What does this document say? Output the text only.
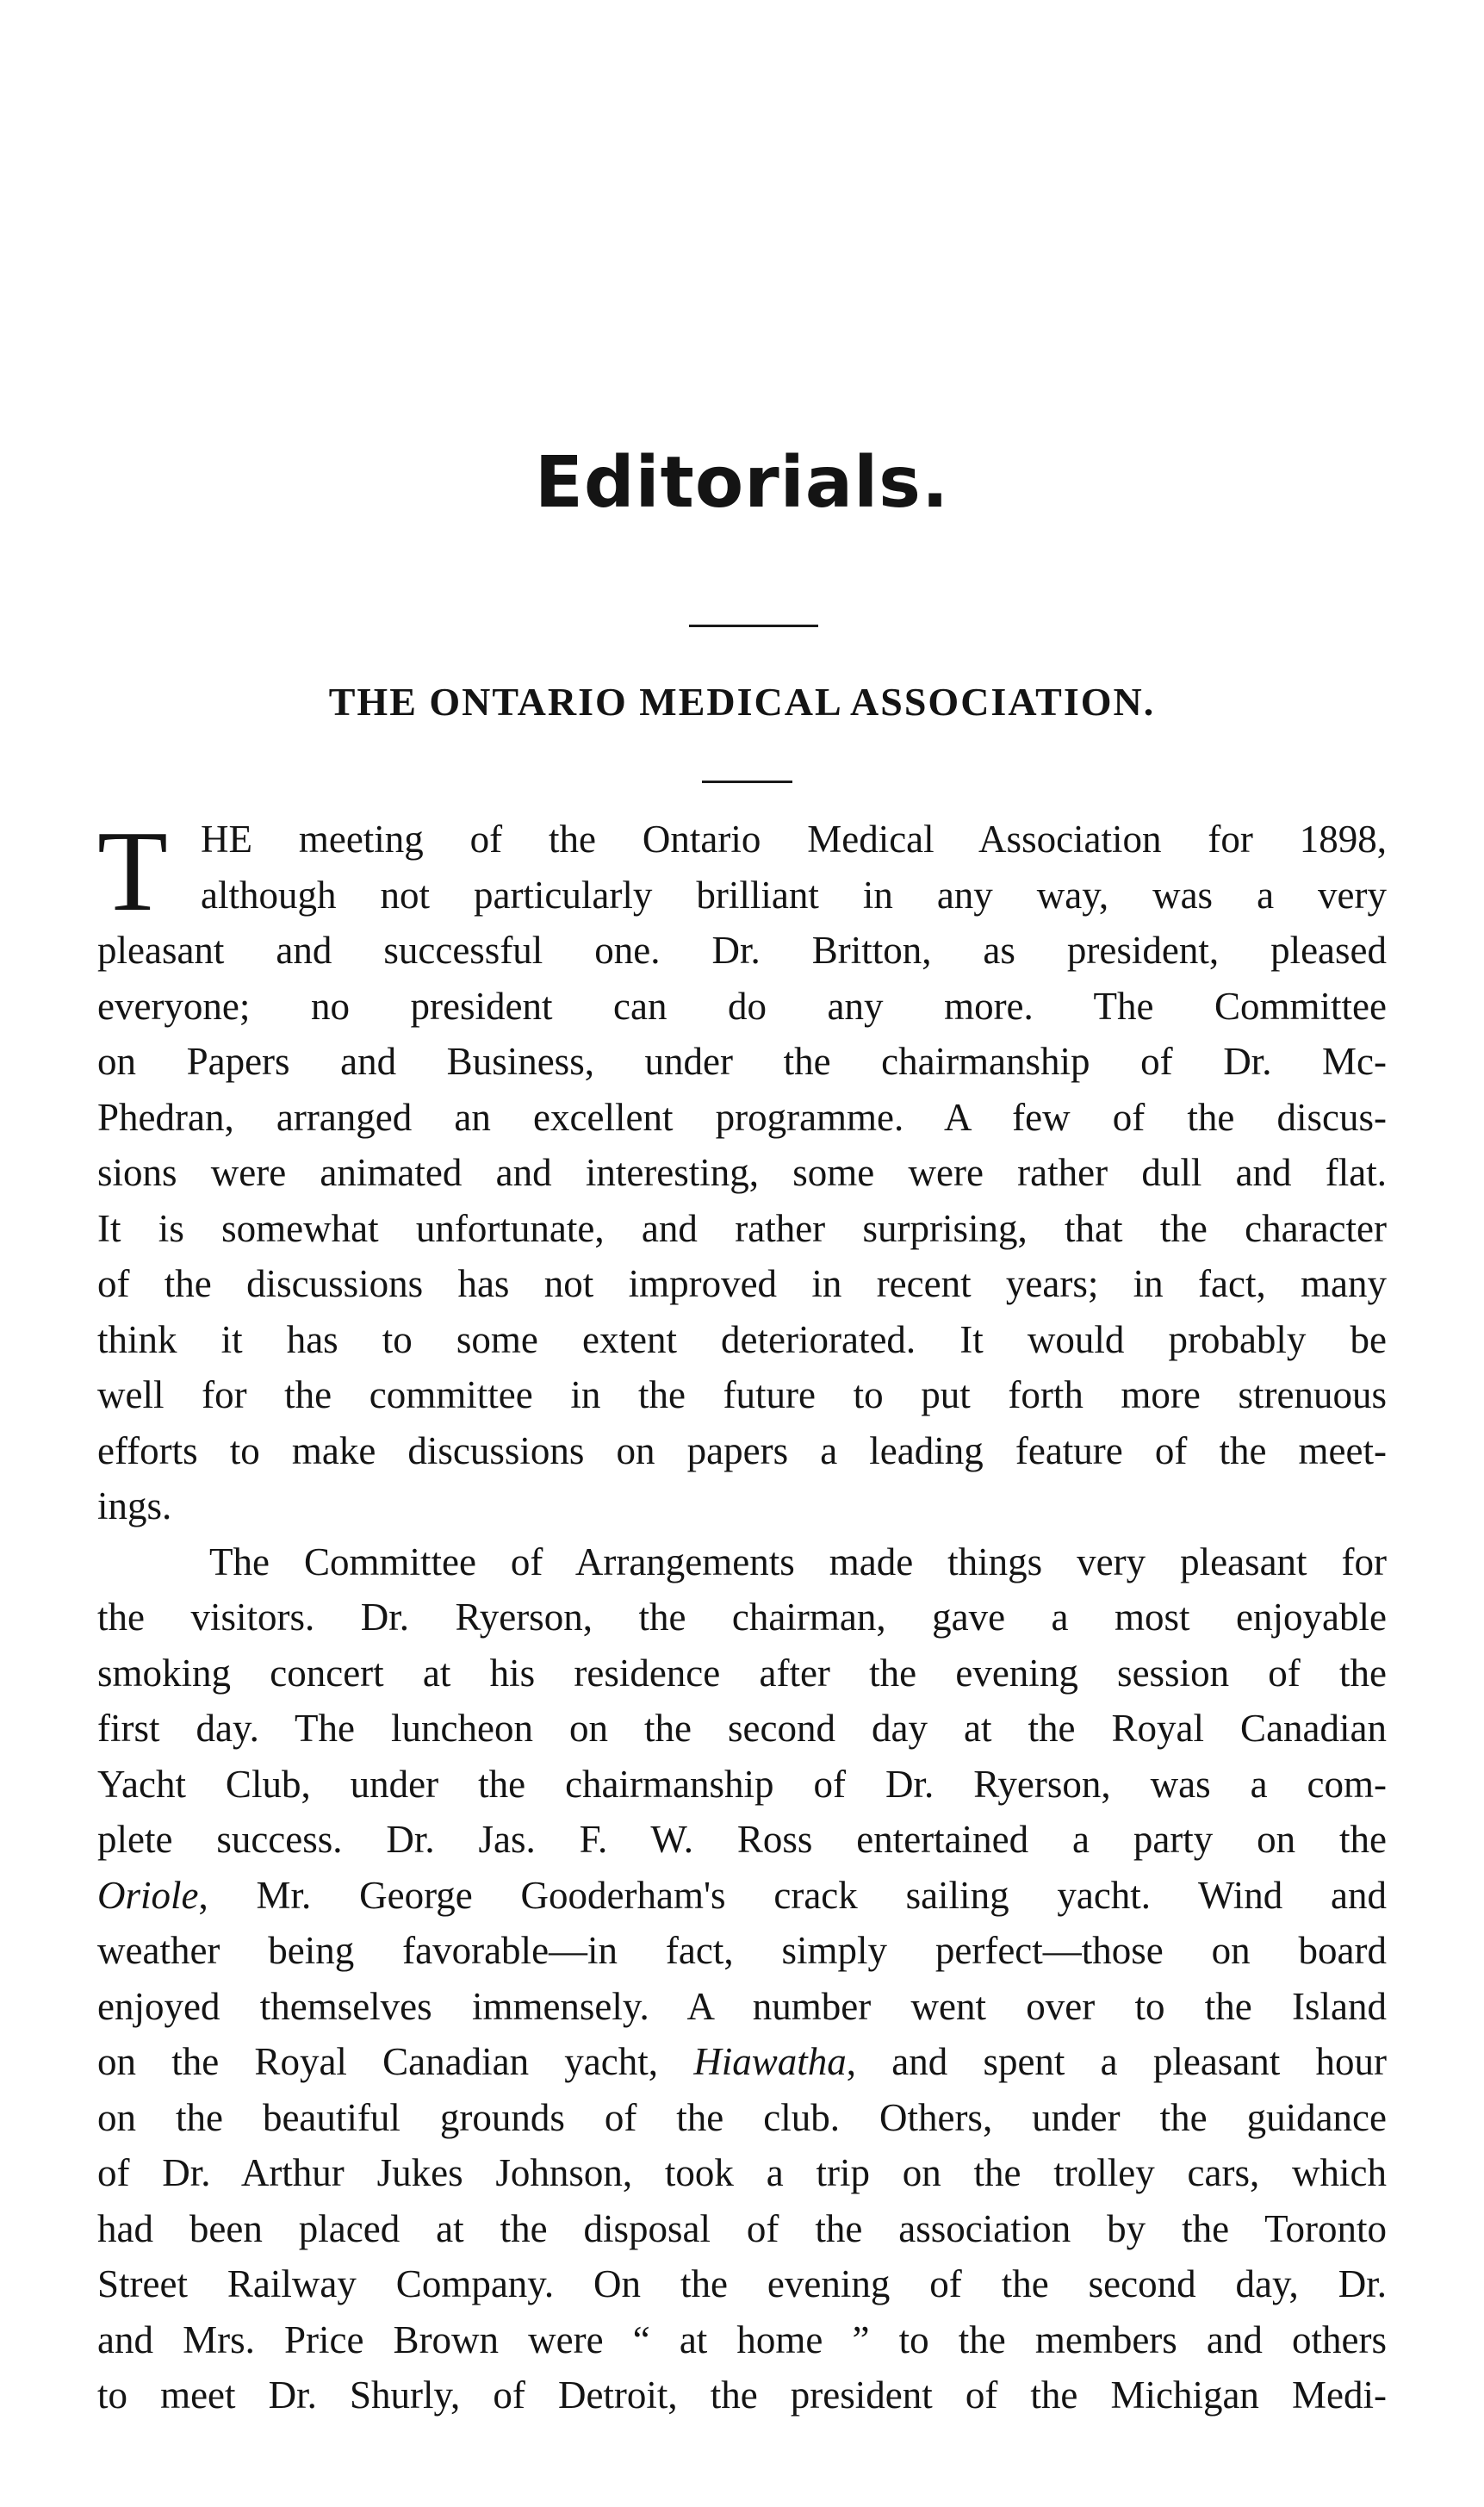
Editorials.
THE ONTARIO MEDICAL ASSOCIATION.
T HE meeting of the Ontario Medical Association for 1898,
although not particularly brilliant in any way, was a very
pleasant and successful one. Dr. Britton, as president, pleased
everyone; no president can do any more. The Committee
on Papers and Business, under the chairmanship of Dr. Mc-
Phedran, arranged an excellent programme. A few of the discus-
sions were animated and interesting, some were rather dull and flat.
It is somewhat unfortunate, and rather surprising, that the character
of the discussions has not improved in recent years; in fact, many
think it has to some extent deteriorated. It would probably be
well for the committee in the future to put forth more strenuous
efforts to make discussions on papers a leading feature of the meet-
ings.
The Committee of Arrangements made things very pleasant for
the visitors. Dr. Ryerson, the chairman, gave a most enjoyable
smoking concert at his residence after the evening session of the
first day. The luncheon on the second day at the Royal Canadian
Yacht Club, under the chairmanship of Dr. Ryerson, was a com-
plete success. Dr. Jas. F. W. Ross entertained a party on the
Oriole, Mr. George Gooderham's crack sailing yacht. Wind and
weather being favorable—in fact, simply perfect—those on board
enjoyed themselves immensely. A number went over to the Island
on the Royal Canadian yacht, Hiawatha, and spent a pleasant hour
on the beautiful grounds of the club. Others, under the guidance
of Dr. Arthur Jukes Johnson, took a trip on the trolley cars, which
had been placed at the disposal of the association by the Toronto
Street Railway Company. On the evening of the second day, Dr.
and Mrs. Price Brown were “ at home ” to the members and others
to meet Dr. Shurly, of Detroit, the president of the Michigan Medi-
